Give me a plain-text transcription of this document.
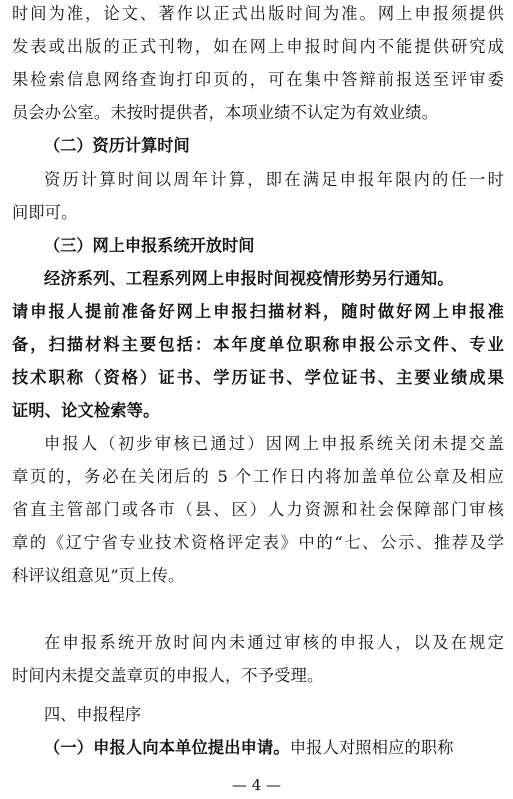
时间为准，论文、著作以正式出版时间为准。网上申报须提供
发表或出版的正式刊物，如在网上申报时间内不能提供研究成
果检索信息网络查询打印页的，可在集中答辩前报送至评审委
员会办公室。未按时提供者，本项业绩不认定为有效业绩。
（二）资历计算时间
资历计算时间以周年计算，即在满足申报年限内的任一时
间即可。
（三）网上申报系统开放时间
经济系列、工程系列网上申报时间视疫情形势另行通知。
请申报人提前准备好网上申报扫描材料，随时做好网上申报准
备，扫描材料主要包括：本年度单位职称申报公示文件、专业
技术职称（资格）证书、学历证书、学位证书、主要业绩成果
证明、论文检索等。
申报人（初步审核已通过）因网上申报系统关闭未提交盖
章页的，务必在关闭后的 5 个工作日内将加盖单位公章及相应
省直主管部门或各市（县、区）人力资源和社会保障部门审核
章的《辽宁省专业技术资格评定表》中的“七、公示、推荐及学
科评议组意见”页上传。
在申报系统开放时间内未通过审核的申报人，以及在规定
时间内未提交盖章页的申报人，不予受理。
四、申报程序
（一）申报人向本单位提出申请。申报人对照相应的职称
— 4 —
